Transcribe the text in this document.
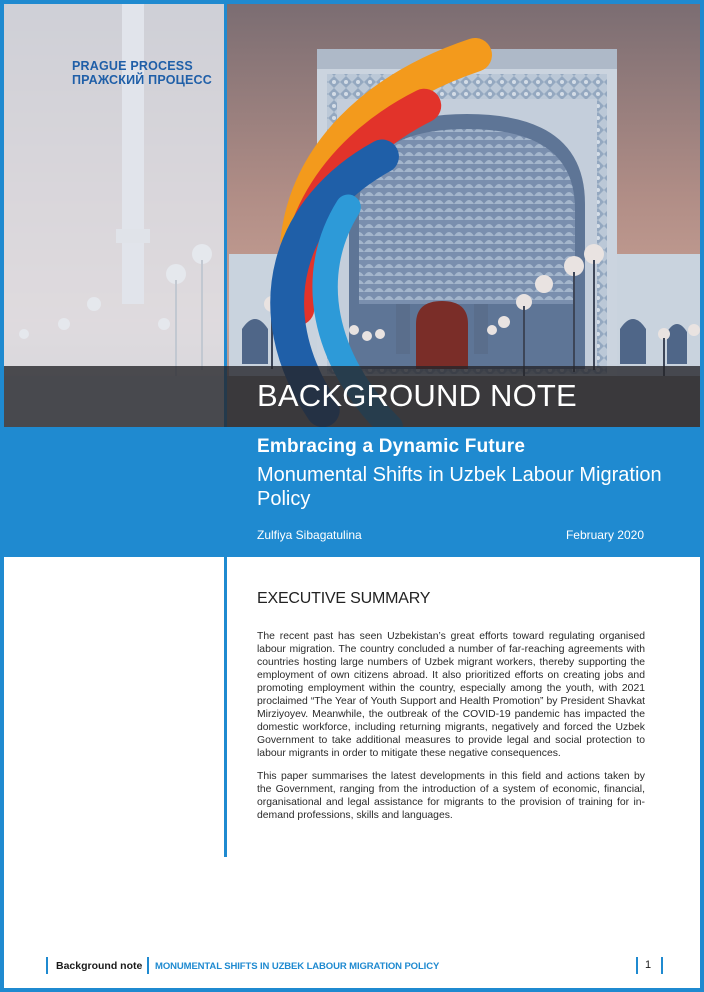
PRAGUE PROCESS
ПРАЖСКИЙ ПРОЦЕСС
BACKGROUND NOTE
Embracing a Dynamic Future
Monumental Shifts in Uzbek Labour Migration Policy
Zulfiya Sibagatulina	February 2020
EXECUTIVE SUMMARY

The recent past has seen Uzbekistan’s great efforts toward regulating organised labour migration. The country concluded a number of far-reaching agreements with countries hosting large numbers of Uzbek migrant workers, thereby supporting the employment of own citizens abroad. It also prioritized efforts on creating jobs and promoting employment within the country, especially among the youth, with 2021 proclaimed “The Year of Youth Support and Health Promotion” by President Shavkat Mirziyoyev. Meanwhile, the outbreak of the COVID-19 pandemic has impacted the domestic workforce, including returning migrants, negatively and forced the Uzbek Government to take additional measures to provide legal and social protection to labour migrants in order to mitigate these negative consequences.

This paper summarises the latest developments in this field and actions taken by the Government, ranging from the introduction of a system of economic, financial, organisational and legal assistance for migrants to the provision of training for in-demand professions, skills and languages.

Background note MONUMENTAL SHIFTS IN UZBEK LABOUR MIGRATION POLICY	1
